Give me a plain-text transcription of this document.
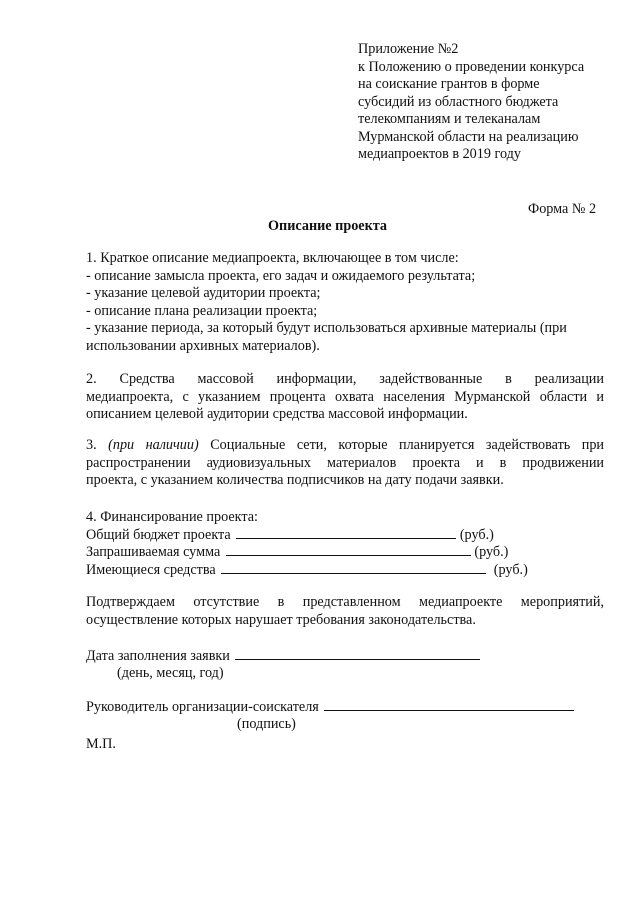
Приложение №2
к Положению о проведении конкурса
на соискание грантов в форме
субсидий из областного бюджета
телекомпаниям и телеканалам
Мурманской области на реализацию
медиапроектов в 2019 году
Форма № 2
Описание проекта
1. Краткое описание медиапроекта, включающее в том числе:
- описание замысла проекта, его задач и ожидаемого результата;
- указание целевой аудитории проекта;
- описание плана реализации проекта;
- указание периода, за который будут использоваться архивные материалы (при
использовании архивных материалов).
2. Средства массовой информации, задействованные в реализации
медиапроекта, с указанием процента охвата населения Мурманской области и
описанием целевой аудитории средства массовой информации.
3. (при наличии) Социальные сети, которые планируется задействовать при
распространении аудиовизуальных материалов проекта и в продвижении
проекта, с указанием количества подписчиков на дату подачи заявки.
4. Финансирование проекта:
Общий бюджет проекта	(руб.)
Запрашиваемая сумма	(руб.)
Имеющиеся средства	(руб.)
Подтверждаем отсутствие в представленном медиапроекте мероприятий,
осуществление которых нарушает требования законодательства.
Дата заполнения заявки
(день, месяц, год)
Руководитель организации-соискателя
(подпись)
М.П.
